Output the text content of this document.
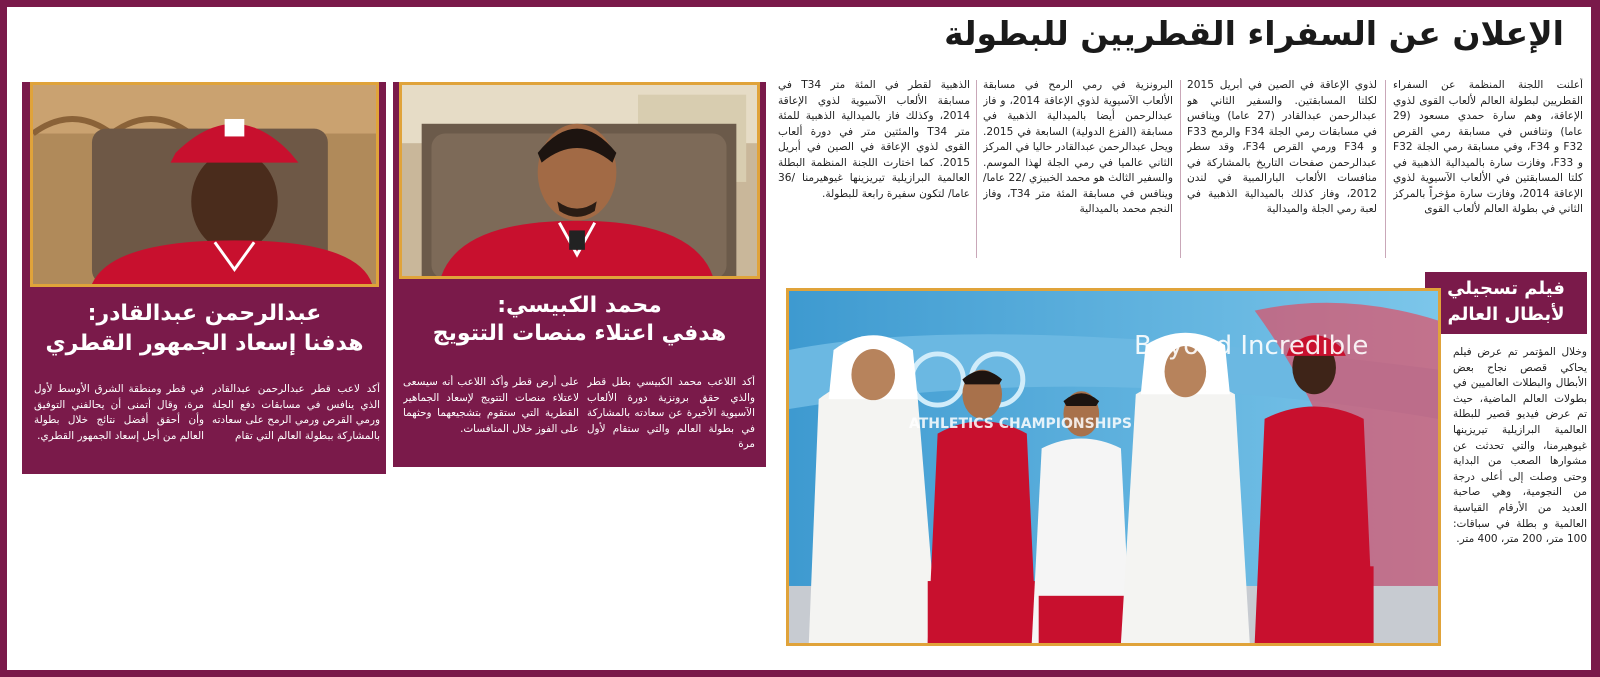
الإعلان عن السفراء القطريين للبطولة

أعلنت اللجنة المنظمة عن السفراء القطريين لبطولة العالم لألعاب القوى لذوي الإعاقة، وهم سارة حمدي مسعود (29 عاما) وتنافس في مسابقة رمي القرص F32 و F34، وفي مسابقة رمي الجلة F32 و F33، وفازت سارة بالميدالية الذهبية في كلتا المسابقتين في الألعاب الآسيوية لذوي الإعاقة 2014، وفازت سارة مؤخراً بالمركز الثاني في بطولة العالم لألعاب القوى

لذوي الإعاقة في الصين في أبريل 2015 لكلتا المسابقتين. والسفير الثاني هو عبدالرحمن عبدالقادر (27 عاما) وينافس في مسابقات رمي الجلة F34 والرمح F33 و F34 ورمي القرص F34، وقد سطر عبدالرحمن صفحات التاريخ بالمشاركة في منافسات الألعاب البارالمبية في لندن 2012، وفاز كذلك بالميدالية الذهبية في لعبة رمي الجلة والميدالية

البرونزية في رمي الرمح في مسابقة الألعاب الآسيوية لذوي الإعاقة 2014، و فاز عبدالرحمن أيضا بالميدالية الذهبية في مسابقة (الفزع الدولية) السابعة في 2015. ويحل عبدالرحمن عبدالقادر حاليا في المركز الثاني عالميا في رمي الجلة لهذا الموسم. والسفير الثالث هو محمد الخبيزي /22 عاما/ وينافس في مسابقة المئة متر T34، وفاز النجم محمد بالميدالية

الذهبية لقطر في المئة متر T34 في مسابقة الألعاب الآسيوية لذوي الإعاقة 2014، وكذلك فاز بالميدالية الذهبية للمئة متر T34 والمئتين متر في دورة ألعاب القوى لذوي الإعاقة في الصين في أبريل 2015. كما اختارت اللجنة المنظمة البطلة العالمية البرازيلية تيريزينها غيوهيرمنا /36 عاما/ لتكون سفيرة رابعة للبطولة.

محمد الكبيسي:
هدفي اعتلاء منصات التتويج
أكد اللاعب محمد الكبيسي بطل قطر والذي حقق برونزية دورة الألعاب الآسيوية الأخيرة عن سعادته بالمشاركة في بطولة العالم والتي ستقام لأول مرة
على أرض قطر وأكد اللاعب أنه سيسعى لاعتلاء منصات التتويج لإسعاد الجماهير القطرية التي ستقوم بتشجيعهما وحثهما على الفوز خلال المنافسات.
عبدالرحمن عبدالقادر:
هدفنا إسعاد الجمهور القطري
أكد لاعب قطر عبدالرحمن عبدالقادر الذي ينافس في مسابقات دفع الجلة ورمي القرص ورمي الرمح على سعادته بالمشاركة ببطولة العالم التي تقام
في قطر ومنطقة الشرق الأوسط لأول مرة، وقال أتمنى أن يحالفني التوفيق وأن أحقق أفضل نتائج خلال بطولة العالم من أجل إسعاد الجمهور القطري.
فيلم تسجيلي
لأبطال العالم
وخلال المؤتمر تم عرض فيلم يحاكي قصص نجاح بعض الأبطال والبطلات العالميين في بطولات العالم الماضية، حيث تم عرض فيديو قصير للبطلة العالمية البرازيلية تيريزينها غيوهيرمنا، والتي تحدثت عن مشوارها الصعب من البداية وحتى وصلت إلى أعلى درجة من النجومية، وهي صاحبة العديد من الأرقام القياسية العالمية و بطلة في سباقات: 100 متر، 200 متر، 400 متر.
Beyond Incredible
ATHLETICS CHAMPIONSHIPS
